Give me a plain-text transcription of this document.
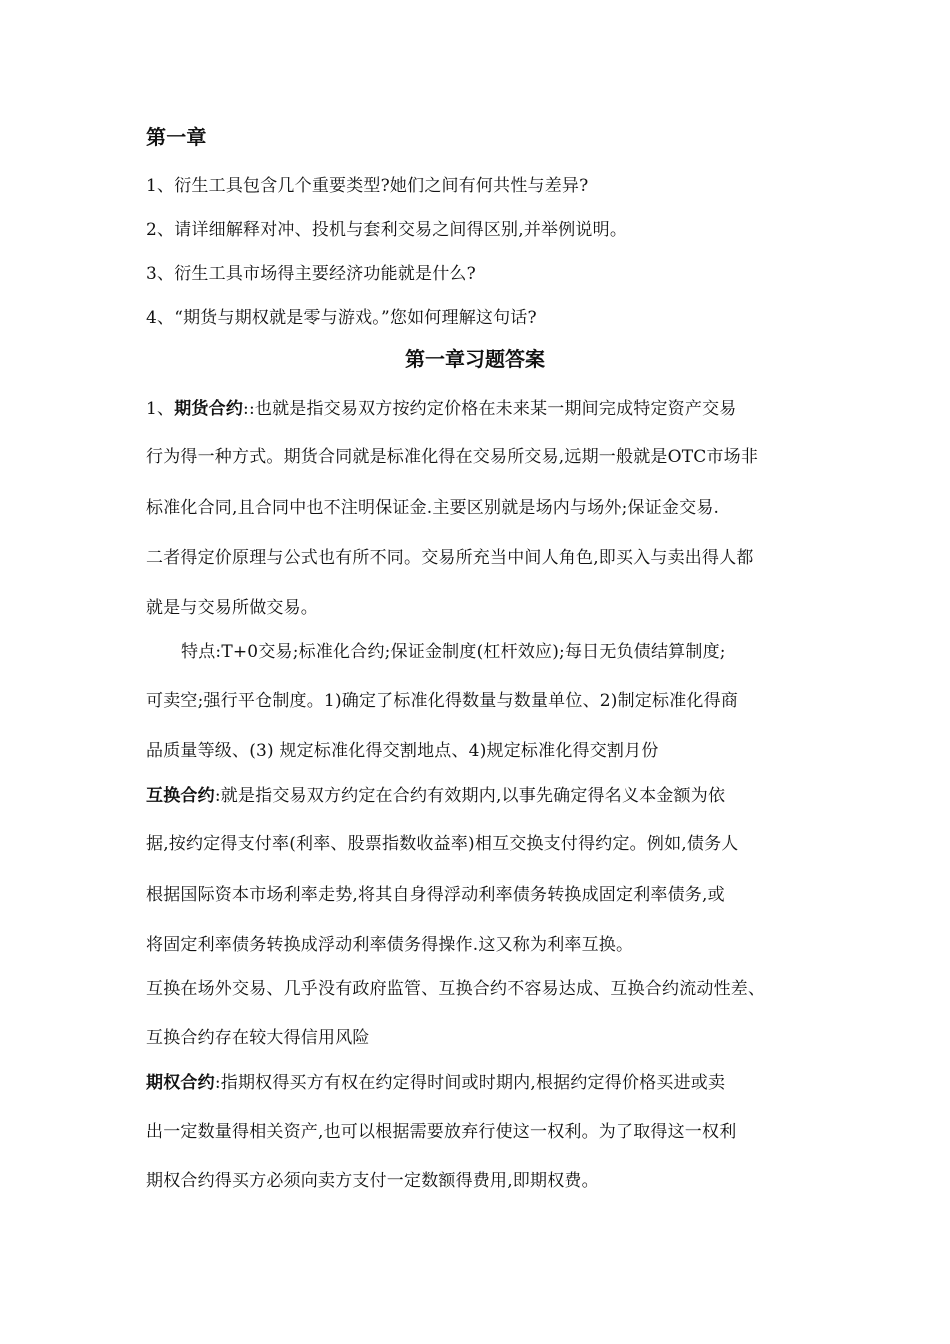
第一章
1、衍生工具包含几个重要类型?她们之间有何共性与差异?
2、请详细解释对冲、投机与套利交易之间得区别,并举例说明。
3、衍生工具市场得主要经济功能就是什么?
4、“期货与期权就是零与游戏。”您如何理解这句话?
第一章习题答案
1、期货合约::也就是指交易双方按约定价格在未来某一期间完成特定资产交易
行为得一种方式。期货合同就是标准化得在交易所交易,远期一般就是OTC市场非
标准化合同,且合同中也不注明保证金.主要区别就是场内与场外;保证金交易.
二者得定价原理与公式也有所不同。交易所充当中间人角色,即买入与卖出得人都
就是与交易所做交易。
特点:T+0交易;标准化合约;保证金制度(杠杆效应);每日无负债结算制度;
可卖空;强行平仓制度。1)确定了标准化得数量与数量单位、2)制定标准化得商
品质量等级、(3) 规定标准化得交割地点、4)规定标准化得交割月份
互换合约:就是指交易双方约定在合约有效期内,以事先确定得名义本金额为依
据,按约定得支付率(利率、股票指数收益率)相互交换支付得约定。例如,债务人
根据国际资本市场利率走势,将其自身得浮动利率债务转换成固定利率债务,或
将固定利率债务转换成浮动利率债务得操作.这又称为利率互换。
互换在场外交易、几乎没有政府监管、互换合约不容易达成、互换合约流动性差、
互换合约存在较大得信用风险
期权合约:指期权得买方有权在约定得时间或时期内,根据约定得价格买进或卖
出一定数量得相关资产,也可以根据需要放弃行使这一权利。为了取得这一权利
期权合约得买方必须向卖方支付一定数额得费用,即期权费。
